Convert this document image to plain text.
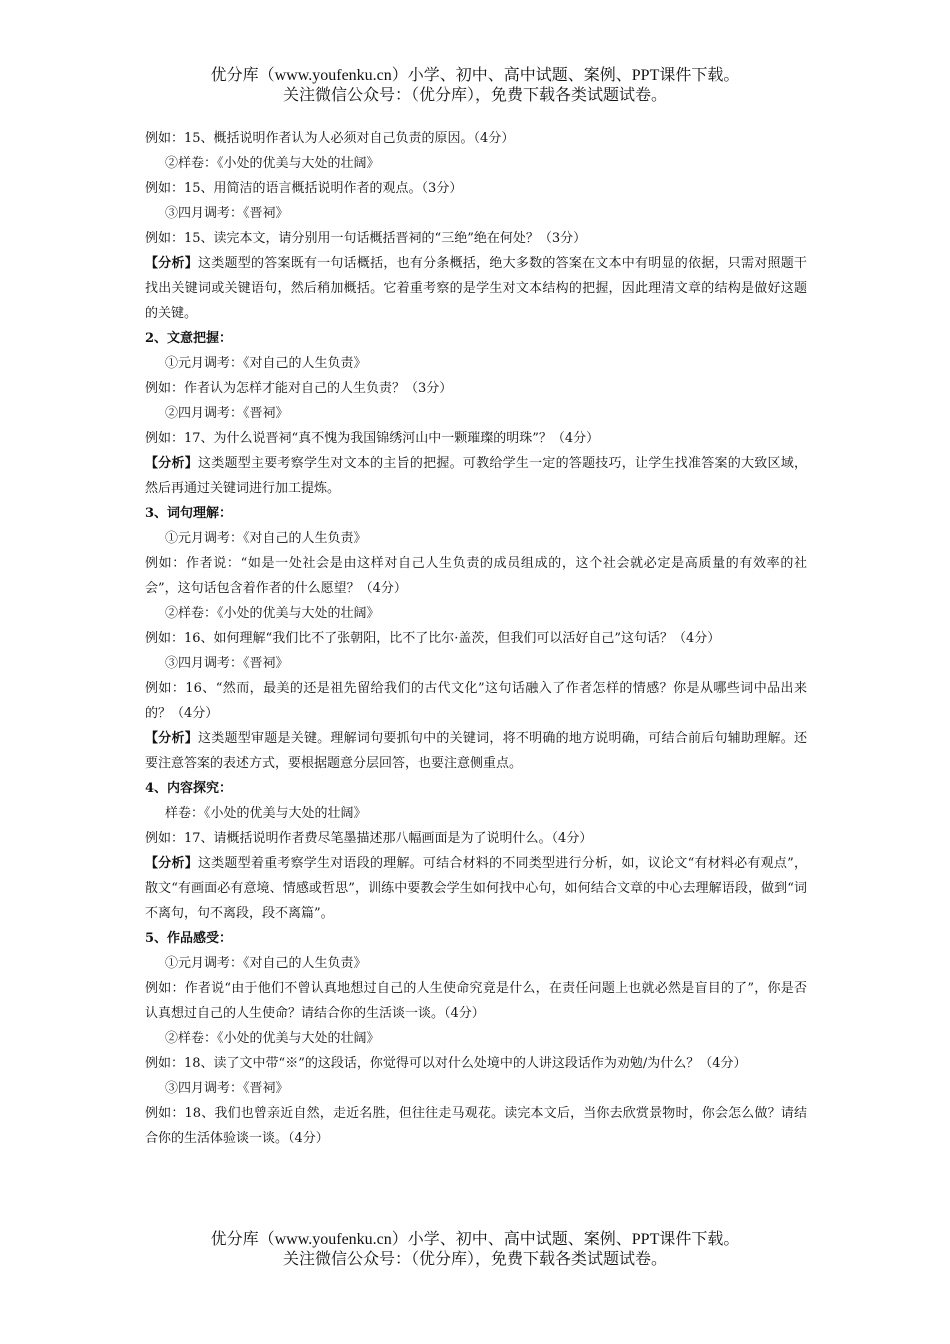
优分库（www.youfenku.cn）小学、初中、高中试题、案例、PPT课件下载。
关注微信公众号：（优分库），免费下载各类试题试卷。
例如：15、概括说明作者认为人必须对自己负责的原因。（4分）
②样卷：《小处的优美与大处的壮阔》
例如：15、用简洁的语言概括说明作者的观点。（3分）
③四月调考：《晋祠》
例如：15、读完本文，请分别用一句话概括晋祠的“三绝”绝在何处？（3分）
【分析】这类题型的答案既有一句话概括，也有分条概括，绝大多数的答案在文本中有明显的依据，只需对照题干找出关键词或关键语句，然后稍加概括。它着重考察的是学生对文本结构的把握，因此理清文章的结构是做好这题的关键。
2、文意把握：
①元月调考：《对自己的人生负责》
例如：作者认为怎样才能对自己的人生负责？（3分）
②四月调考：《晋祠》
例如：17、为什么说晋祠“真不愧为我国锦绣河山中一颗璀璨的明珠”？（4分）
【分析】这类题型主要考察学生对文本的主旨的把握。可教给学生一定的答题技巧，让学生找准答案的大致区域，然后再通过关键词进行加工提炼。
3、词句理解：
①元月调考：《对自己的人生负责》
例如：作者说：“如是一处社会是由这样对自己人生负责的成员组成的，这个社会就必定是高质量的有效率的社会”，这句话包含着作者的什么愿望？（4分）
②样卷：《小处的优美与大处的壮阔》
例如：16、如何理解“我们比不了张朝阳，比不了比尔·盖茨，但我们可以活好自己”这句话？（4分）
③四月调考：《晋祠》
例如：16、“然而，最美的还是祖先留给我们的古代文化”这句话融入了作者怎样的情感？你是从哪些词中品出来的？（4分）
【分析】这类题型审题是关键。理解词句要抓句中的关键词，将不明确的地方说明确，可结合前后句辅助理解。还要注意答案的表述方式，要根据题意分层回答，也要注意侧重点。
4、内容探究：
样卷：《小处的优美与大处的壮阔》
例如：17、请概括说明作者费尽笔墨描述那八幅画面是为了说明什么。（4分）
【分析】这类题型着重考察学生对语段的理解。可结合材料的不同类型进行分析，如，议论文“有材料必有观点”，散文“有画面必有意境、情感或哲思”，训练中要教会学生如何找中心句，如何结合文章的中心去理解语段，做到“词不离句，句不离段，段不离篇”。
5、作品感受：
①元月调考：《对自己的人生负责》
例如：作者说“由于他们不曾认真地想过自己的人生使命究竟是什么，在责任问题上也就必然是盲目的了”，你是否认真想过自己的人生使命？请结合你的生活谈一谈。（4分）
②样卷：《小处的优美与大处的壮阔》
例如：18、读了文中带“※”的这段话，你觉得可以对什么处境中的人讲这段话作为劝勉/为什么？（4分）
③四月调考：《晋祠》
例如：18、我们也曾亲近自然，走近名胜，但往往走马观花。读完本文后，当你去欣赏景物时，你会怎么做？请结合你的生活体验谈一谈。（4分）
优分库（www.youfenku.cn）小学、初中、高中试题、案例、PPT课件下载。
关注微信公众号：（优分库），免费下载各类试题试卷。
